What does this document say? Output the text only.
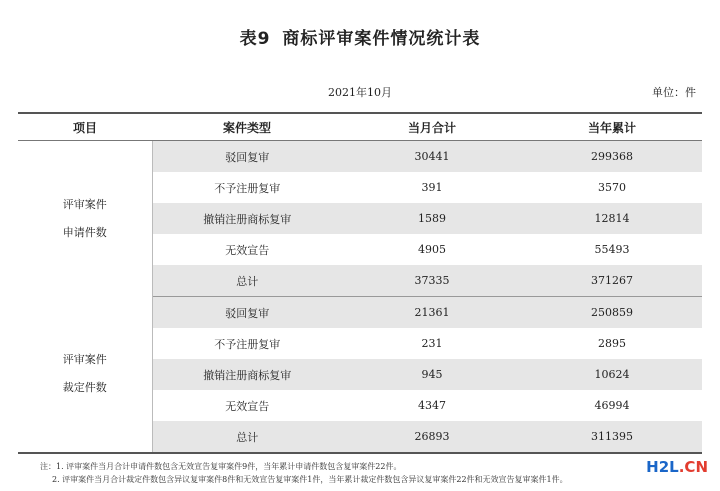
表9 商标评审案件情况统计表
2021年10月	单位：件
项目	案件类型	当月合计	当年累计

评审案件
申请件数	驳回复审	30441	299368
	不予注册复审	391	3570
	撤销注册商标复审	1589	12814
	无效宣告	4905	55493
	总计	37335	371267

评审案件
裁定件数	驳回复审	21361	250859
	不予注册复审	231	2895
	撤销注册商标复审	945	10624
	无效宣告	4347	46994
	总计	26893	311395
注：1. 评审案件当月合计申请件数包含无效宣告复审案件9件，当年累计申请件数包含复审案件22件。
2. 评审案件当月合计裁定件数包含异议复审案件8件和无效宣告复审案件1件，当年累计裁定件数包含异议复审案件22件和无效宣告复审案件1件。
H2L.CN
